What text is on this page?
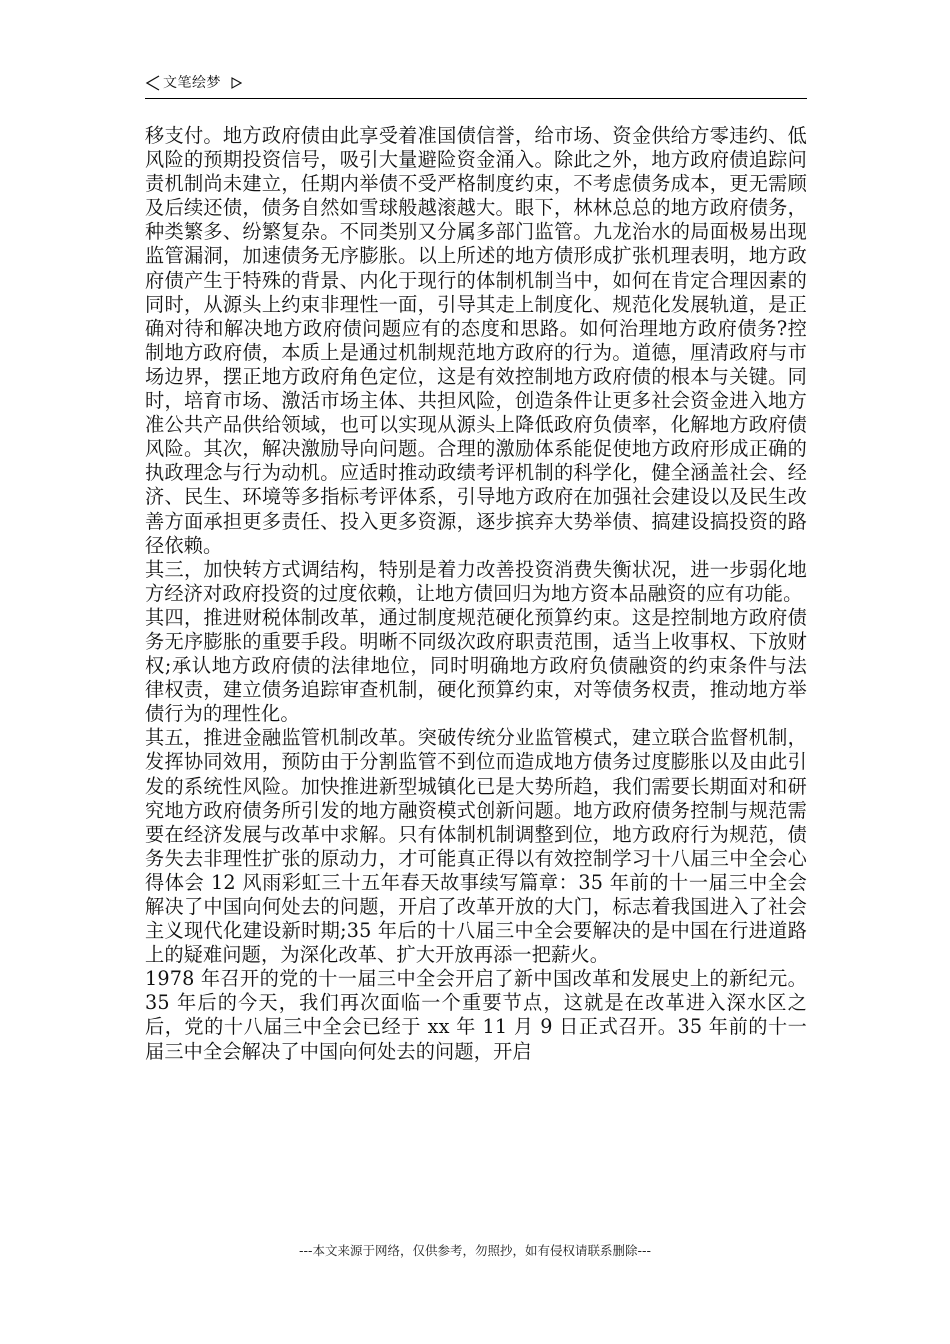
文笔绘梦

移支付。地方政府债由此享受着准国债信誉，给市场、资金供给方零违约、低风险的预期投资信号，吸引大量避险资金涌入。除此之外，地方政府债追踪问责机制尚未建立，任期内举债不受严格制度约束，不考虑债务成本，更无需顾及后续还债，债务自然如雪球般越滚越大。眼下，林林总总的地方政府债务，种类繁多、纷繁复杂。不同类别又分属多部门监管。九龙治水的局面极易出现监管漏洞，加速债务无序膨胀。以上所述的地方债形成扩张机理表明，地方政府债产生于特殊的背景、内化于现行的体制机制当中，如何在肯定合理因素的同时，从源头上约束非理性一面，引导其走上制度化、规范化发展轨道，是正确对待和解决地方政府债问题应有的态度和思路。如何治理地方政府债务?控制地方政府债，本质上是通过机制规范地方政府的行为。道德，厘清政府与市场边界，摆正地方政府角色定位，这是有效控制地方政府债的根本与关键。同时，培育市场、激活市场主体、共担风险，创造条件让更多社会资金进入地方准公共产品供给领域，也可以实现从源头上降低政府负债率，化解地方政府债风险。其次，解决激励导向问题。合理的激励体系能促使地方政府形成正确的执政理念与行为动机。应适时推动政绩考评机制的科学化，健全涵盖社会、经济、民生、环境等多指标考评体系，引导地方政府在加强社会建设以及民生改善方面承担更多责任、投入更多资源，逐步摈弃大势举债、搞建设搞投资的路径依赖。

其三，加快转方式调结构，特别是着力改善投资消费失衡状况，进一步弱化地方经济对政府投资的过度依赖，让地方债回归为地方资本品融资的应有功能。

其四，推进财税体制改革，通过制度规范硬化预算约束。这是控制地方政府债务无序膨胀的重要手段。明晰不同级次政府职责范围，适当上收事权、下放财权;承认地方政府债的法律地位，同时明确地方政府负债融资的约束条件与法律权责，建立债务追踪审查机制，硬化预算约束，对等债务权责，推动地方举债行为的理性化。

其五，推进金融监管机制改革。突破传统分业监管模式，建立联合监督机制，发挥协同效用，预防由于分割监管不到位而造成地方债务过度膨胀以及由此引发的系统性风险。加快推进新型城镇化已是大势所趋，我们需要长期面对和研究地方政府债务所引发的地方融资模式创新问题。地方政府债务控制与规范需要在经济发展与改革中求解。只有体制机制调整到位，地方政府行为规范，债务失去非理性扩张的原动力，才可能真正得以有效控制学习十八届三中全会心得体会 12 风雨彩虹三十五年春天故事续写篇章：35 年前的十一届三中全会解决了中国向何处去的问题，开启了改革开放的大门，标志着我国进入了社会主义现代化建设新时期;35 年后的十八届三中全会要解决的是中国在行进道路上的疑难问题，为深化改革、扩大开放再添一把薪火。

1978 年召开的党的十一届三中全会开启了新中国改革和发展史上的新纪元。35 年后的今天，我们再次面临一个重要节点，这就是在改革进入深水区之后，党的十八届三中全会已经于 xx 年 11 月 9 日正式召开。35 年前的十一届三中全会解决了中国向何处去的问题，开启

---本文来源于网络，仅供参考，勿照抄，如有侵权请联系删除---
